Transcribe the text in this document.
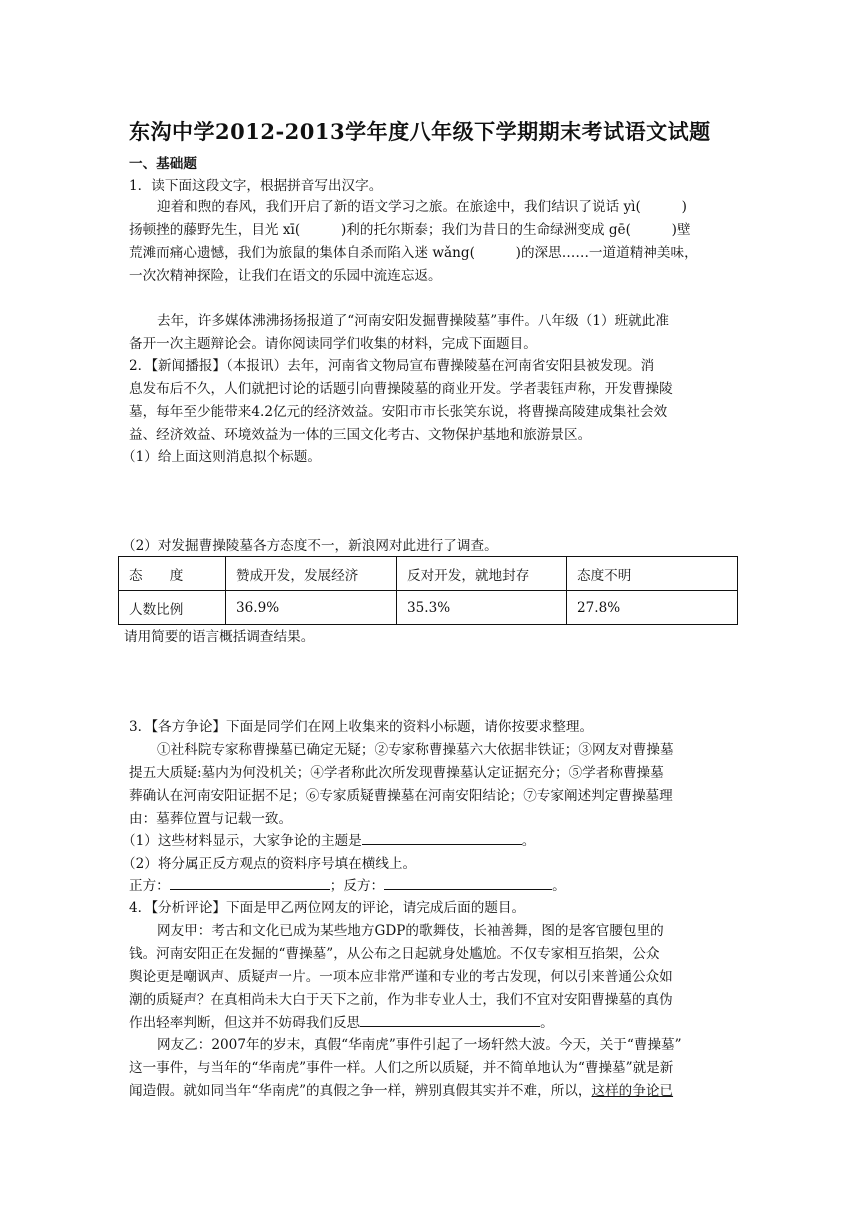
东沟中学2012-2013学年度八年级下学期期末考试语文试题
一、基础题
1．读下面这段文字，根据拼音写出汉字。
迎着和煦的春风，我们开启了新的语文学习之旅。在旅途中，我们结识了说话 yì(　　　)
扬顿挫的藤野先生，目光 xī(　　　)利的托尔斯泰；我们为昔日的生命绿洲变成 gē(　　　)壁
荒滩而痛心遗憾，我们为旅鼠的集体自杀而陷入迷 wǎng(　　　)的深思……一道道精神美味，
一次次精神探险，让我们在语文的乐园中流连忘返。
去年，许多媒体沸沸扬扬报道了“河南安阳发掘曹操陵墓”事件。八年级（1）班就此准
备开一次主题辩论会。请你阅读同学们收集的材料，完成下面题目。
2．【新闻播报】（本报讯）去年，河南省文物局宣布曹操陵墓在河南省安阳县被发现。消
息发布后不久，人们就把讨论的话题引向曹操陵墓的商业开发。学者裴钰声称，开发曹操陵
墓，每年至少能带来4.2亿元的经济效益。安阳市市长张笑东说，将曹操高陵建成集社会效
益、经济效益、环境效益为一体的三国文化考古、文物保护基地和旅游景区。
（1）给上面这则消息拟个标题。
（2）对发掘曹操陵墓各方态度不一，新浪网对此进行了调查。
态　　度	赞成开发，发展经济	反对开发，就地封存	态度不明
人数比例	36.9%	35.3%	27.8%
请用简要的语言概括调查结果。
3．【各方争论】下面是同学们在网上收集来的资料小标题，请你按要求整理。
①社科院专家称曹操墓已确定无疑；②专家称曹操墓六大依据非铁证；③网友对曹操墓
提五大质疑:墓内为何没机关；④学者称此次所发现曹操墓认定证据充分；⑤学者称曹操墓
葬确认在河南安阳证据不足；⑥专家质疑曹操墓在河南安阳结论；⑦专家阐述判定曹操墓理
由：墓葬位置与记载一致。
（1）这些材料显示，大家争论的主题是	。
（2）将分属正反方观点的资料序号填在横线上。
正方：	；反方：	。
4．【分析评论】下面是甲乙两位网友的评论，请完成后面的题目。
网友甲：考古和文化已成为某些地方GDP的歌舞伎，长袖善舞，图的是客官腰包里的
钱。河南安阳正在发掘的“曹操墓”，从公布之日起就身处尴尬。不仅专家相互掐架，公众
舆论更是嘲讽声、质疑声一片。一项本应非常严谨和专业的考古发现，何以引来普通公众如
潮的质疑声？在真相尚未大白于天下之前，作为非专业人士，我们不宜对安阳曹操墓的真伪
作出轻率判断，但这并不妨碍我们反思	。
网友乙：2007年的岁末，真假“华南虎”事件引起了一场轩然大波。今天，关于“曹操墓”
这一事件，与当年的“华南虎”事件一样。人们之所以质疑，并不简单地认为“曹操墓”就是新
闻造假。就如同当年“华南虎”的真假之争一样，辨别真假其实并不难，所以，这样的争论已
